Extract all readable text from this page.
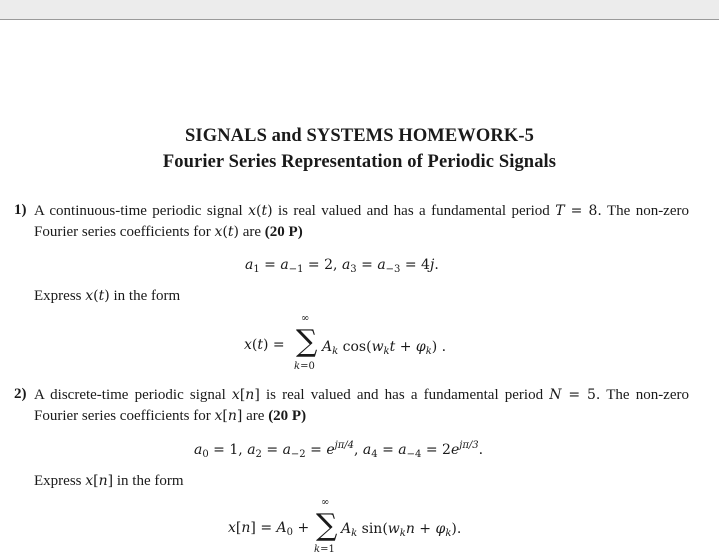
SIGNALS and SYSTEMS HOMEWORK-5
Fourier Series Representation of Periodic Signals
1) A continuous-time periodic signal x(t) is real valued and has a fundamental period T = 8. The non-zero Fourier series coefficients for x(t) are (20 P)
$a_1 = a_{-1} = 2$, $a_3 = a_{-3} = 4j$.
Express x(t) in the form
x(t) =
∞
∑
k=0
$A_k$ $\cos(w_kt + \varphi_k)$ .
2) A discrete-time periodic signal x[n] is real valued and has a fundamental period N = 5. The non-zero Fourier series coefficients for x[n] are (20 P)
$a_0 = 1$, $a_2 = a_{-2} = e^{j\pi/4}$, $a_4 = a_{-4} = 2e^{j\pi/3}$.
Express x[n] in the form
$x[n] = A_0$ +
∞
∑
k=1
$A_k$ $\sin(w_kn + \varphi_k)$.
